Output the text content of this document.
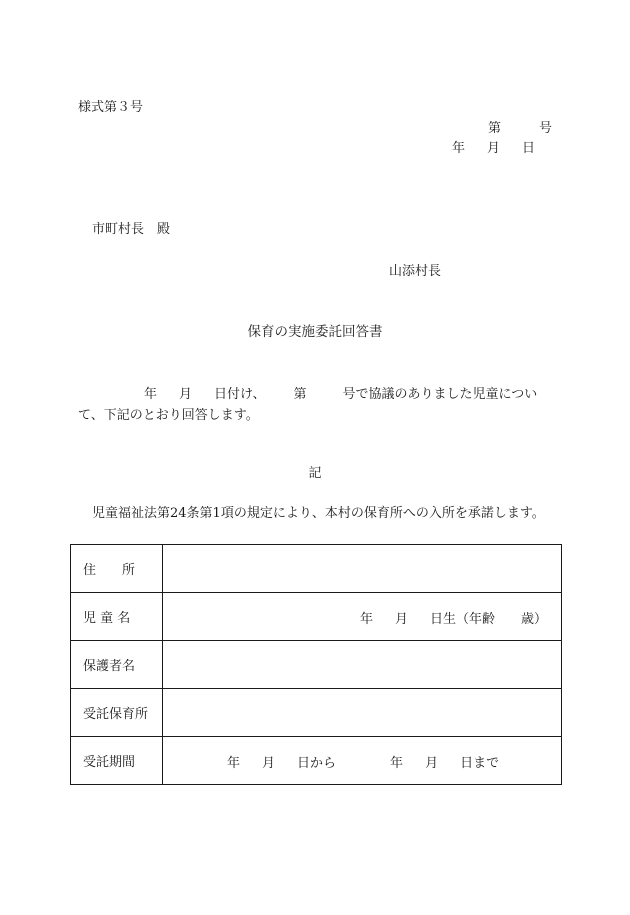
様式第３号
第	号
年 月 日
市町村長 殿
山添村長
保育の実施委託回答書
年 月 日付け、 第	号で協議のありました児童について、下記のとおり回答します。
記
児童福祉法第24条第1項の規定により、本村の保育所への入所を承諾します。
住　　所	
児 童 名	年 月 日生（年齢 歳）

保護者名	
受託保育所	
受託期間	年 月 日から 年 月 日まで
